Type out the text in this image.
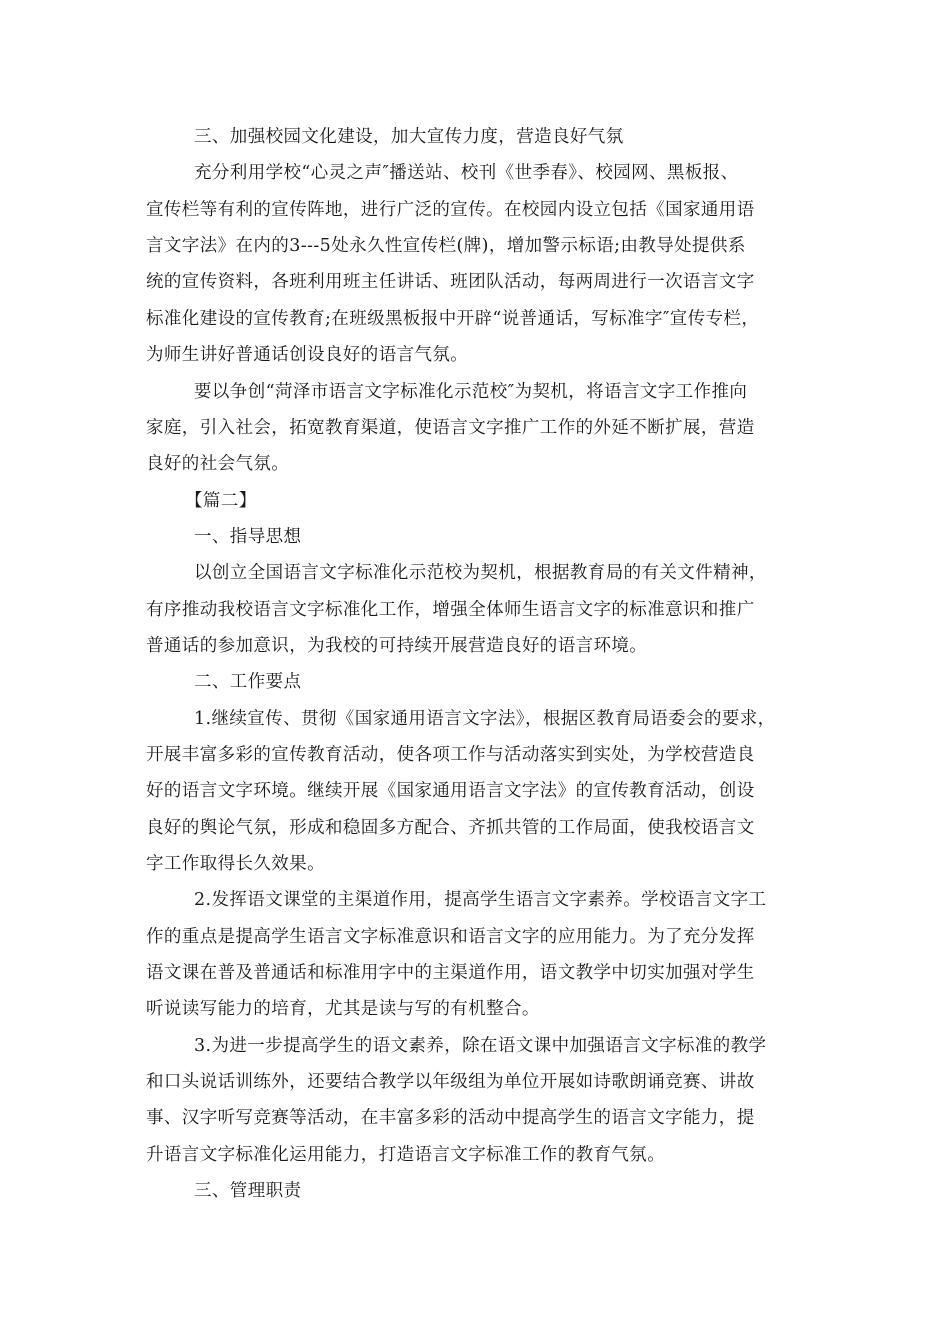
三、加强校园文化建设，加大宣传力度，营造良好气氛
充分利用学校“心灵之声″播送站、校刊《世季春》、校园网、黑板报、
宣传栏等有利的宣传阵地，进行广泛的宣传。在校园内设立包括《国家通用语
言文字法》在内的3---5处永久性宣传栏(牌)，增加警示标语;由教导处提供系
统的宣传资料，各班利用班主任讲话、班团队活动，每两周进行一次语言文字
标准化建设的宣传教育;在班级黑板报中开辟“说普通话，写标准字″宣传专栏，
为师生讲好普通话创设良好的语言气氛。
要以争创“菏泽市语言文字标准化示范校″为契机，将语言文字工作推向
家庭，引入社会，拓宽教育渠道，使语言文字推广工作的外延不断扩展，营造
良好的社会气氛。
【篇二】
一、指导思想
以创立全国语言文字标准化示范校为契机，根据教育局的有关文件精神，
有序推动我校语言文字标准化工作，增强全体师生语言文字的标准意识和推广
普通话的参加意识，为我校的可持续开展营造良好的语言环境。
二、工作要点
1.继续宣传、贯彻《国家通用语言文字法》，根据区教育局语委会的要求，
开展丰富多彩的宣传教育活动，使各项工作与活动落实到实处，为学校营造良
好的语言文字环境。继续开展《国家通用语言文字法》的宣传教育活动，创设
良好的舆论气氛，形成和稳固多方配合、齐抓共管的工作局面，使我校语言文
字工作取得长久效果。
2.发挥语文课堂的主渠道作用，提高学生语言文字素养。学校语言文字工
作的重点是提高学生语言文字标准意识和语言文字的应用能力。为了充分发挥
语文课在普及普通话和标准用字中的主渠道作用，语文教学中切实加强对学生
听说读写能力的培育，尤其是读与写的有机整合。
3.为进一步提高学生的语文素养，除在语文课中加强语言文字标准的教学
和口头说话训练外，还要结合教学以年级组为单位开展如诗歌朗诵竞赛、讲故
事、汉字听写竞赛等活动，在丰富多彩的活动中提高学生的语言文字能力，提
升语言文字标准化运用能力，打造语言文字标准工作的教育气氛。
三、管理职责
